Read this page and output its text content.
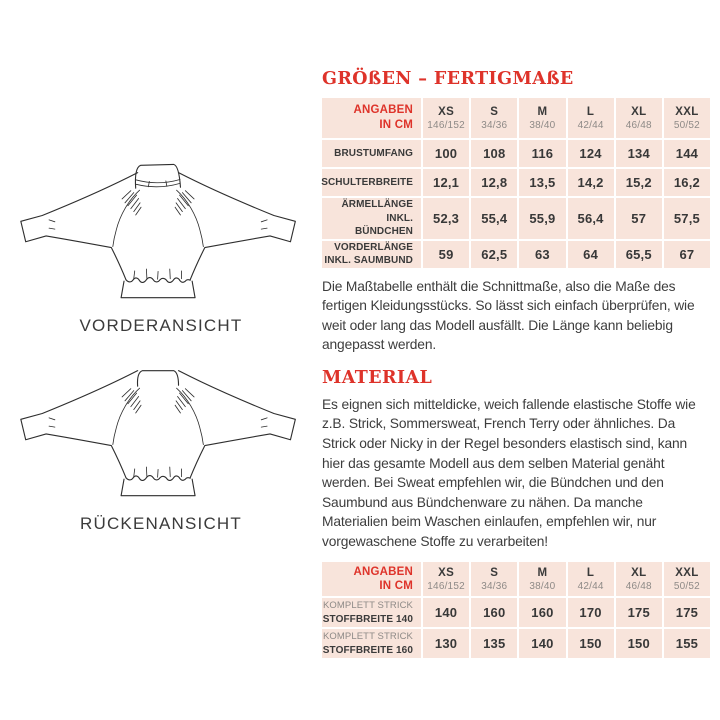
VORDERANSICHT
RÜCKENANSICHT
GRÖßEN – FERTIGMAßE
ANGABEN
IN CM
XS
146/152
S
34/36
M
38/40
L
42/44
XL
46/48
XXL
50/52
BRUSTUMFANG 100 108 116 124 134 144
SCHULTERBREITE 12,1 12,8 13,5 14,2 15,2 16,2
ÄRMELLÄNGE INKL.
BÜNDCHEN
52,3 55,4 55,9 56,4 57 57,5
VORDERLÄNGE
INKL. SAUMBUND 59 62,5 63	64 65,5 67

Die Maßtabelle enthält die Schnittmaße, also die Maße des fertigen Kleidungsstücks. So lässt sich einfach überprüfen, wie weit oder lang das Modell ausfällt. Die Länge kann beliebig angepasst werden.

MATERIAL

Es eignen sich mitteldicke, weich fallende elastische Stoffe wie z.B. Strick, Sommersweat, French Terry oder ähnliches. Da Strick oder Nicky in der Regel besonders elastisch sind, kann hier das gesamte Modell aus dem selben Material genäht werden. Bei Sweat empfehlen wir, die Bündchen und den Saumbund aus Bündchenware zu nähen. Da manche Materialien beim Waschen einlaufen, empfehlen wir, nur vorgewaschene Stoffe zu verarbeiten!

ANGABEN
IN CM
XS
146/152
S
34/36
M
38/40
L
42/44
XL
46/48
XXL
50/52
KOMPLETT STRICK
STOFFBREITE 140 140 160 160 170 175 175
KOMPLETT STRICK
STOFFBREITE 160 130 135 140 150 150 155
